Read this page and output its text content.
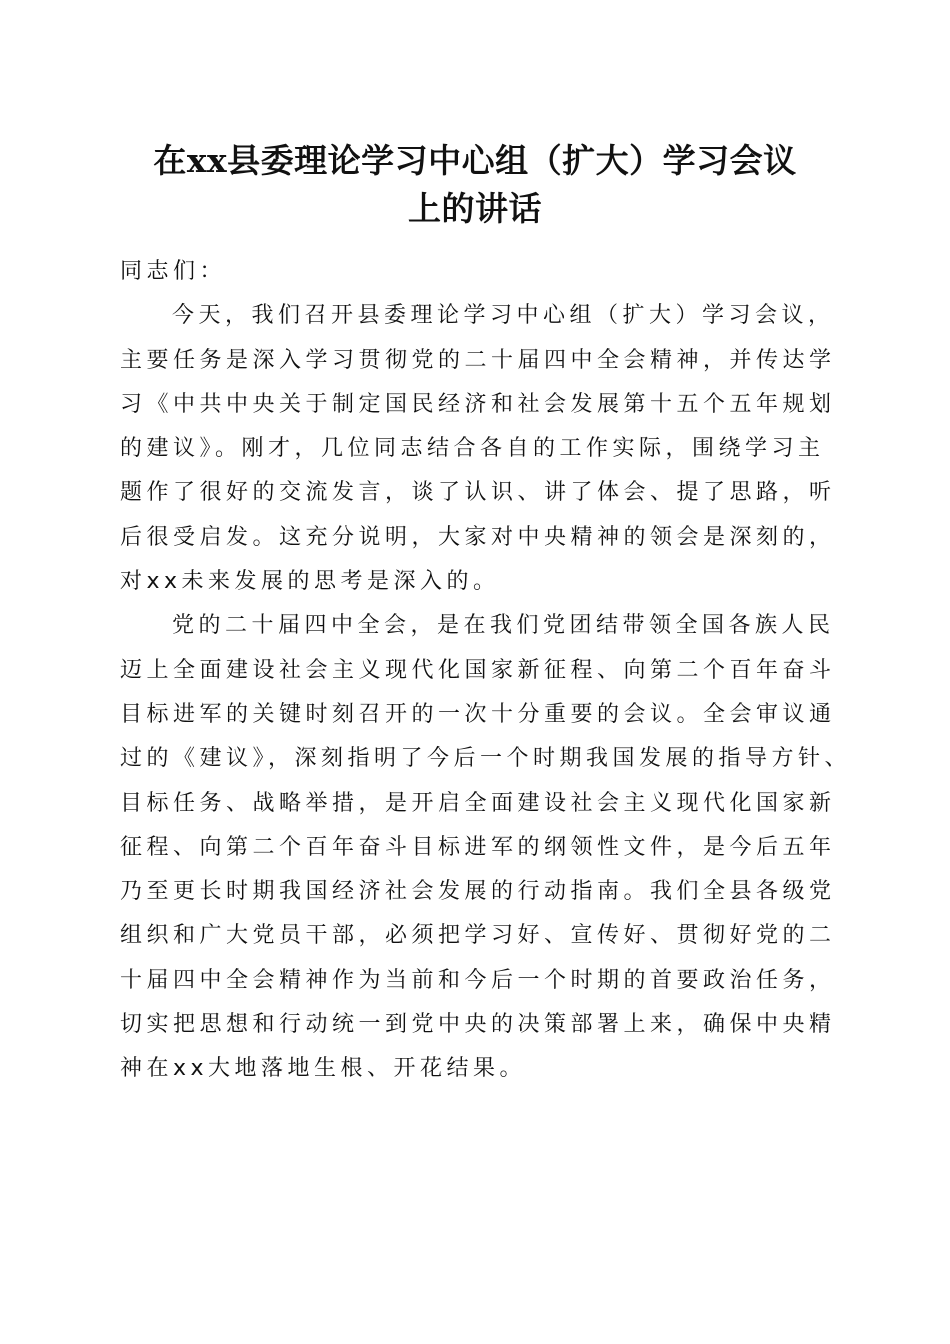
在xx县委理论学习中心组（扩大）学习会议
上的讲话
同志们：
今天，我们召开县委理论学习中心组（扩大）学习会议，
主要任务是深入学习贯彻党的二十届四中全会精神，并传达学
习《中共中央关于制定国民经济和社会发展第十五个五年规划
的建议》。刚才，几位同志结合各自的工作实际，围绕学习主
题作了很好的交流发言，谈了认识、讲了体会、提了思路，听
后很受启发。这充分说明，大家对中央精神的领会是深刻的，
对xx未来发展的思考是深入的。
党的二十届四中全会，是在我们党团结带领全国各族人民
迈上全面建设社会主义现代化国家新征程、向第二个百年奋斗
目标进军的关键时刻召开的一次十分重要的会议。全会审议通
过的《建议》，深刻指明了今后一个时期我国发展的指导方针、
目标任务、战略举措，是开启全面建设社会主义现代化国家新
征程、向第二个百年奋斗目标进军的纲领性文件，是今后五年
乃至更长时期我国经济社会发展的行动指南。我们全县各级党
组织和广大党员干部，必须把学习好、宣传好、贯彻好党的二
十届四中全会精神作为当前和今后一个时期的首要政治任务，
切实把思想和行动统一到党中央的决策部署上来，确保中央精
神在xx大地落地生根、开花结果。
